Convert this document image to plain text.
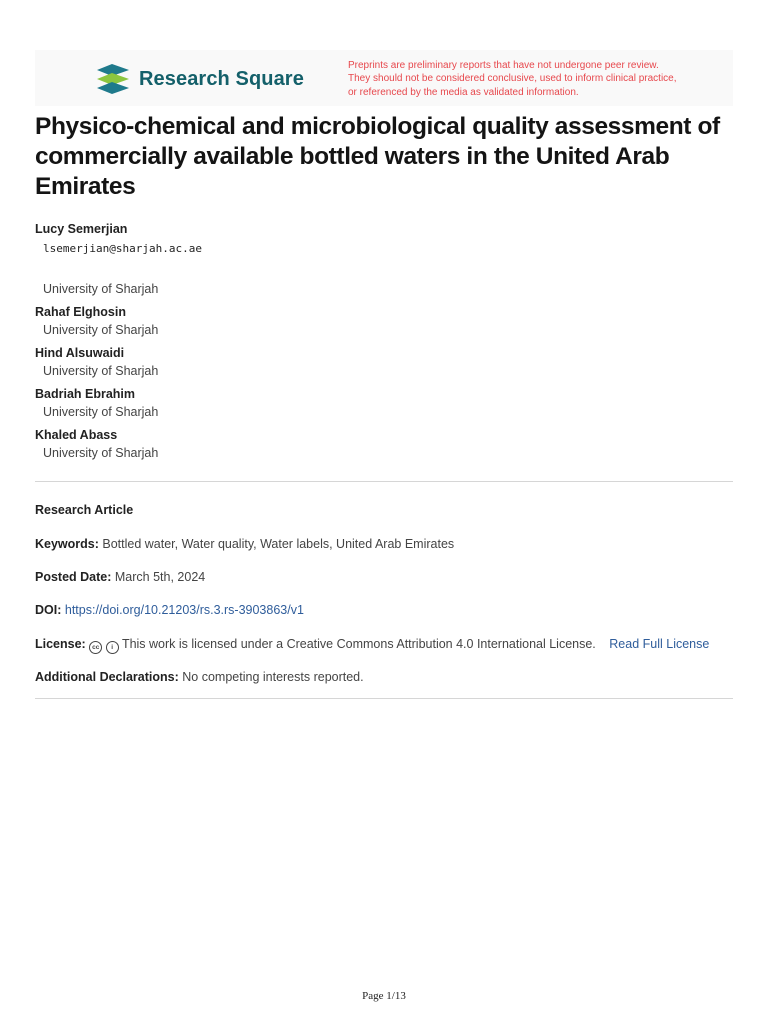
Research Square
Preprints are preliminary reports that have not undergone peer review.
They should not be considered conclusive, used to inform clinical practice,
or referenced by the media as validated information.
Physico-chemical and microbiological quality assessment of commercially available bottled waters in the United Arab Emirates
Lucy Semerjian
lsemerjian@sharjah.ac.ae
University of Sharjah
Rahaf Elghosin
University of Sharjah
Hind Alsuwaidi
University of Sharjah
Badriah Ebrahim
University of Sharjah
Khaled Abass
University of Sharjah
Research Article
Keywords: Bottled water, Water quality, Water labels, United Arab Emirates
Posted Date: March 5th, 2024
DOI: https://doi.org/10.21203/rs.3.rs-3903863/v1
License: cc i This work is licensed under a Creative Commons Attribution 4.0 International License. Read Full License
Additional Declarations: No competing interests reported.
Page 1/13
